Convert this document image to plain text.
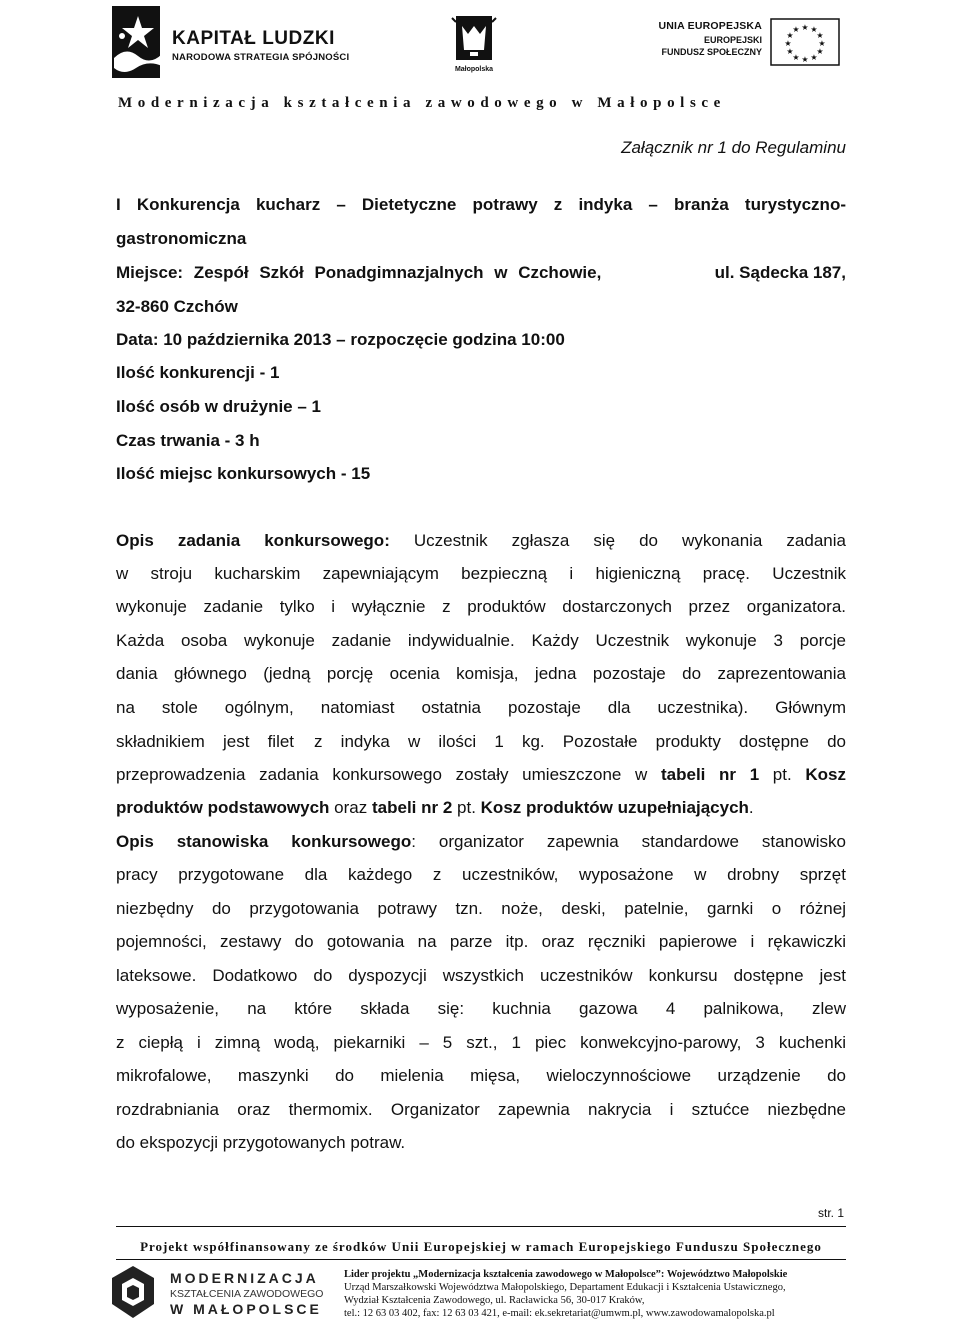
KAPITAŁ LUDZKI
NARODOWA STRATEGIA SPÓJNOŚCI
Małopolska
UNIA EUROPEJSKA
EUROPEJSKI
FUNDUSZ SPOŁECZNY
★ ★
★
★
★
★
★
★
★
★
★
★
Modernizacja kształcenia zawodowego w Małopolsce
Załącznik nr 1 do Regulaminu
I Konkurencja kucharz – Dietetyczne potrawy z indyka – branża turystyczno-
gastronomiczna
Miejsce: Zespół Szkół Ponadgimnazjalnych w Czchowie,	ul. Sądecka 187,
32-860 Czchów
Data: 10 października 2013 – rozpoczęcie godzina 10:00
Ilość konkurencji - 1
Ilość osób w drużynie – 1
Czas trwania - 3 h
Ilość miejsc konkursowych - 15
Opis zadania konkursowego: Uczestnik zgłasza się do wykonania zadania
w stroju kucharskim zapewniającym bezpieczną i higieniczną pracę. Uczestnik
wykonuje zadanie tylko i wyłącznie z produktów dostarczonych przez organizatora.
Każda osoba wykonuje zadanie indywidualnie. Każdy Uczestnik wykonuje 3 porcje
dania głównego (jedną porcję ocenia komisja, jedna pozostaje do zaprezentowania
na stole ogólnym, natomiast ostatnia pozostaje dla uczestnika). Głównym
składnikiem jest filet z indyka w ilości 1 kg. Pozostałe produkty dostępne do
przeprowadzenia zadania konkursowego zostały umieszczone w tabeli nr 1 pt. Kosz
produktów podstawowych oraz tabeli nr 2 pt. Kosz produktów uzupełniających.
Opis stanowiska konkursowego: organizator zapewnia standardowe stanowisko
pracy przygotowane dla każdego z uczestników, wyposażone w drobny sprzęt
niezbędny do przygotowania potrawy tzn. noże, deski, patelnie, garnki o różnej
pojemności, zestawy do gotowania na parze itp. oraz ręczniki papierowe i rękawiczki
lateksowe. Dodatkowo do dyspozycji wszystkich uczestników konkursu dostępne jest
wyposażenie, na które składa się: kuchnia gazowa 4 palnikowa, zlew
z ciepłą i zimną wodą, piekarniki – 5 szt., 1 piec konwekcyjno-parowy, 3 kuchenki
mikrofalowe, maszynki do mielenia mięsa, wieloczynnościowe urządzenie do
rozdrabniania oraz thermomix. Organizator zapewnia nakrycia i sztućce niezbędne
do ekspozycji przygotowanych potraw.
str. 1
Projekt współfinansowany ze środków Unii Europejskiej w ramach Europejskiego Funduszu Społecznego
MODERNIZACJA
KSZTAŁCENIA ZAWODOWEGO
W MAŁOPOLSCE
Lider projektu „Modernizacja kształcenia zawodowego w Małopolsce”: Województwo Małopolskie
Urząd Marszałkowski Województwa Małopolskiego, Departament Edukacji i Kształcenia Ustawicznego,
Wydział Kształcenia Zawodowego, ul. Racławicka 56, 30-017 Kraków,
tel.: 12 63 03 402, fax: 12 63 03 421, e-mail: ek.sekretariat@umwm.pl, www.zawodowamalopolska.pl
